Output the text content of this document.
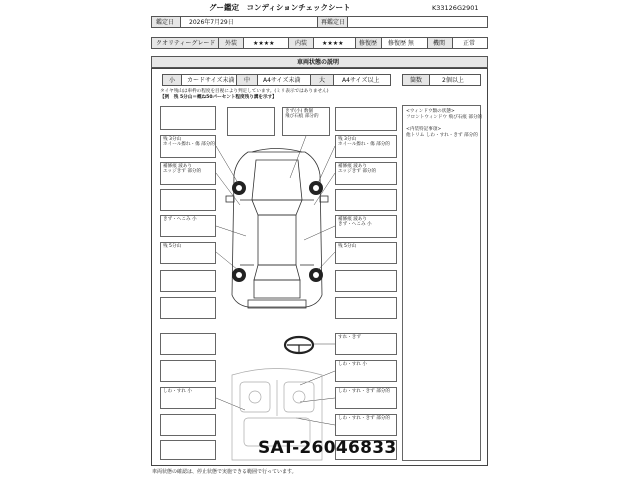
グー鑑定　コンディションチェックシート	K33126G2901
鑑定日 2026年7月29日	再鑑定日
クオリティーグレード 外装	★★★★	内装 ★★★★	修復歴 修復歴 無	機関	正常
車両状態の説明
小 カードサイズ未満 中 A4サイズ未満	大	A4サイズ以上	箇数	2個以上
タイヤ残山は車枠の程度を目視により判定しています。(ミリ表示ではありません)
【例　残 5分山＝概ね50パーセント程度残り溝を示す】
<ウィンドウ類の状態>
フロントウィンドウ 飛び石痕 部分的
<内装特記事項>
他トリム しわ・すれ・きず 部分的
残 3分山
ホイール擦れ・傷 部分的
補修痕 波あり
エッジきず 部分的
きず・へこみ 小
残 5分山
きず(小) 数個
飛び石痕 部分的
残 3分山
ホイール擦れ・傷 部分的
補修痕 波あり
エッジきず 部分的
補修痕 波あり
きず・へこみ 小
残 5分山
しわ・すれ 小
すれ・きず
しわ・すれ 小
しわ・すれ・きず 部分的
しわ・すれ・きず 部分的
SAT-26046833
車両状態の確認は、停止状態で実施できる範囲で行っています。
